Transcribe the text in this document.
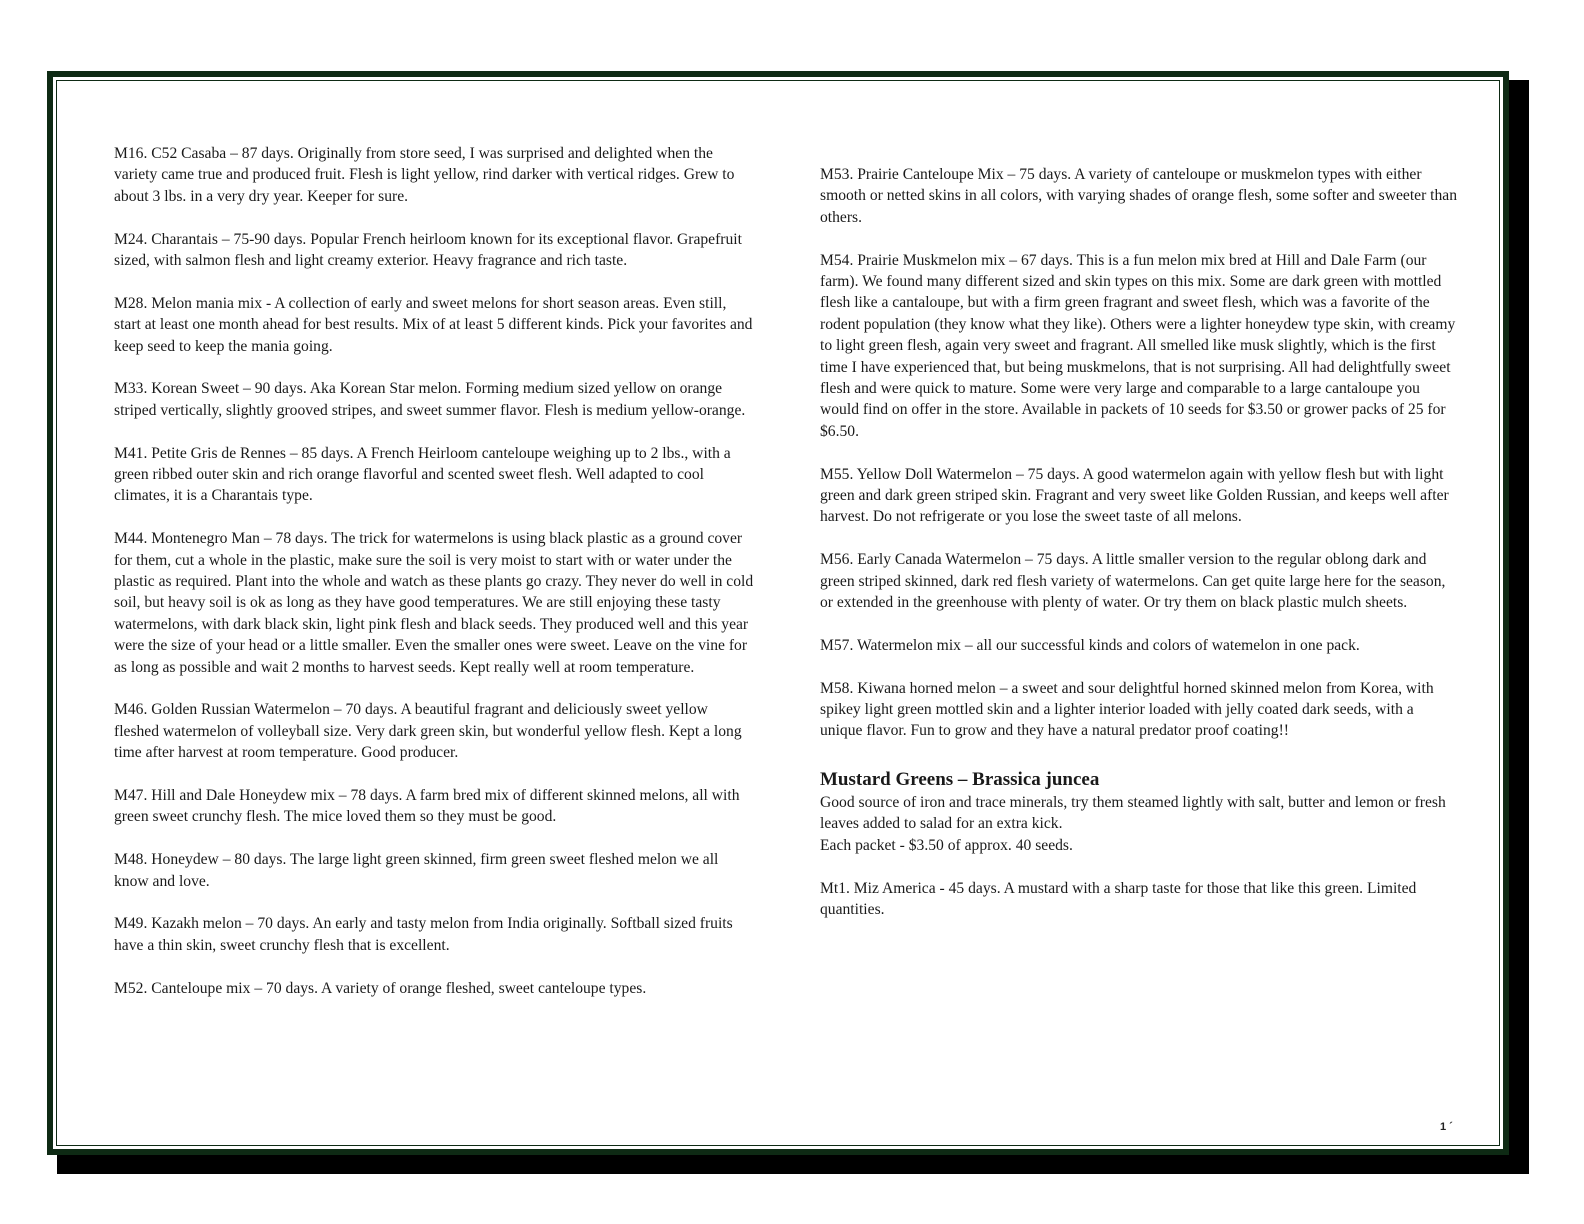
M16. C52 Casaba – 87 days. Originally from store seed, I was surprised and delighted when the variety came true and produced fruit. Flesh is light yellow, rind darker with vertical ridges. Grew to about 3 lbs. in a very dry year. Keeper for sure.

M24. Charantais – 75-90 days. Popular French heirloom known for its exceptional flavor. Grapefruit sized, with salmon flesh and light creamy exterior. Heavy fragrance and rich taste.

M28. Melon mania mix - A collection of early and sweet melons for short season areas. Even still, start at least one month ahead for best results. Mix of at least 5 different kinds. Pick your favorites and keep seed to keep the mania going.

M33. Korean Sweet – 90 days. Aka Korean Star melon. Forming medium sized yellow on orange striped vertically, slightly grooved stripes, and sweet summer flavor. Flesh is medium yellow-orange.

M41. Petite Gris de Rennes – 85 days. A French Heirloom canteloupe weighing up to 2 lbs., with a green ribbed outer skin and rich orange flavorful and scented sweet flesh. Well adapted to cool climates, it is a Charantais type.

M44. Montenegro Man – 78 days. The trick for watermelons is using black plastic as a ground cover for them, cut a whole in the plastic, make sure the soil is very moist to start with or water under the plastic as required. Plant into the whole and watch as these plants go crazy. They never do well in cold soil, but heavy soil is ok as long as they have good temperatures. We are still enjoying these tasty watermelons, with dark black skin, light pink flesh and black seeds. They produced well and this year were the size of your head or a little smaller. Even the smaller ones were sweet. Leave on the vine for as long as possible and wait 2 months to harvest seeds. Kept really well at room temperature.

M46. Golden Russian Watermelon – 70 days. A beautiful fragrant and deliciously sweet yellow fleshed watermelon of volleyball size. Very dark green skin, but wonderful yellow flesh. Kept a long time after harvest at room temperature. Good producer.

M47. Hill and Dale Honeydew mix – 78 days. A farm bred mix of different skinned melons, all with green sweet crunchy flesh. The mice loved them so they must be good.

M48. Honeydew – 80 days. The large light green skinned, firm green sweet fleshed melon we all know and love.

M49. Kazakh melon – 70 days. An early and tasty melon from India originally. Softball sized fruits have a thin skin, sweet crunchy flesh that is excellent.

M52. Canteloupe mix – 70 days. A variety of orange fleshed, sweet canteloupe types.

M53. Prairie Canteloupe Mix – 75 days. A variety of canteloupe or muskmelon types with either smooth or netted skins in all colors, with varying shades of orange flesh, some softer and sweeter than others.

M54. Prairie Muskmelon mix – 67 days. This is a fun melon mix bred at Hill and Dale Farm (our farm). We found many different sized and skin types on this mix. Some are dark green with mottled flesh like a cantaloupe, but with a firm green fragrant and sweet flesh, which was a favorite of the rodent population (they know what they like). Others were a lighter honeydew type skin, with creamy to light green flesh, again very sweet and fragrant. All smelled like musk slightly, which is the first time I have experienced that, but being muskmelons, that is not surprising. All had delightfully sweet flesh and were quick to mature. Some were very large and comparable to a large cantaloupe you would find on offer in the store. Available in packets of 10 seeds for $3.50 or grower packs of 25 for $6.50.

M55. Yellow Doll Watermelon – 75 days. A good watermelon again with yellow flesh but with light green and dark green striped skin. Fragrant and very sweet like Golden Russian, and keeps well after harvest. Do not refrigerate or you lose the sweet taste of all melons.

M56. Early Canada Watermelon – 75 days. A little smaller version to the regular oblong dark and green striped skinned, dark red flesh variety of watermelons. Can get quite large here for the season, or extended in the greenhouse with plenty of water. Or try them on black plastic mulch sheets.

M57. Watermelon mix – all our successful kinds and colors of watemelon in one pack.

M58. Kiwana horned melon – a sweet and sour delightful horned skinned melon from Korea, with spikey light green mottled skin and a lighter interior loaded with jelly coated dark seeds, with a unique flavor. Fun to grow and they have a natural predator proof coating!!

Mustard Greens – Brassica juncea

Good source of iron and trace minerals, try them steamed lightly with salt, butter and lemon or fresh leaves added to salad for an extra kick.
Each packet - $3.50 of approx. 40 seeds.

Mt1. Miz America - 45 days. A mustard with a sharp taste for those that like this green. Limited quantities.

1 ´
